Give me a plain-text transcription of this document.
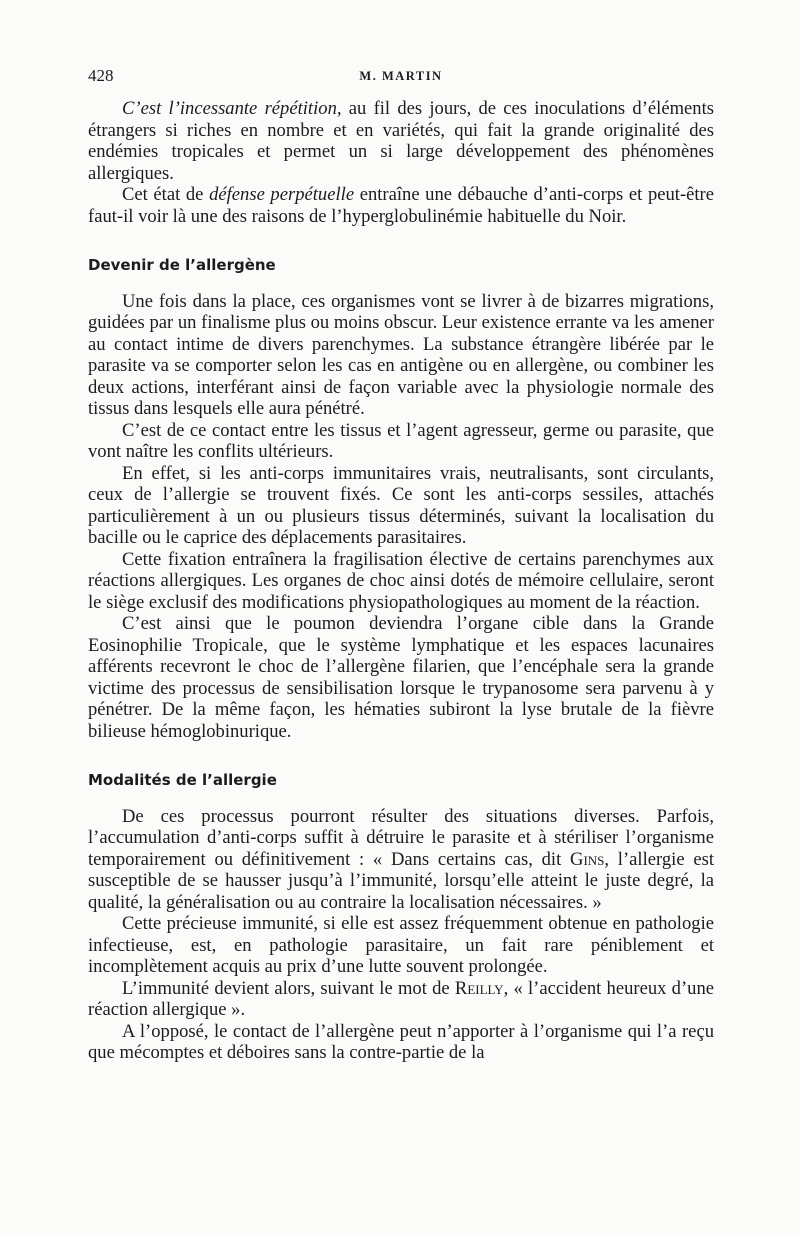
428	M. MARTIN

C’est l’incessante répétition, au fil des jours, de ces inoculations d’éléments étrangers si riches en nombre et en variétés, qui fait la grande originalité des endémies tropicales et permet un si large développement des phénomènes allergiques.

Cet état de défense perpétuelle entraîne une débauche d’anti-corps et peut-être faut-il voir là une des raisons de l’hyperglobulinémie habituelle du Noir.

Devenir de l’allergène

Une fois dans la place, ces organismes vont se livrer à de bizarres migrations, guidées par un finalisme plus ou moins obscur. Leur existence errante va les amener au contact intime de divers parenchymes. La substance étrangère libérée par le parasite va se comporter selon les cas en antigène ou en allergène, ou combiner les deux actions, interférant ainsi de façon variable avec la physiologie normale des tissus dans lesquels elle aura pénétré.

C’est de ce contact entre les tissus et l’agent agresseur, germe ou parasite, que vont naître les conflits ultérieurs.

En effet, si les anti-corps immunitaires vrais, neutralisants, sont circulants, ceux de l’allergie se trouvent fixés. Ce sont les anti-corps sessiles, attachés particulièrement à un ou plusieurs tissus déterminés, suivant la localisation du bacille ou le caprice des déplacements parasitaires.

Cette fixation entraînera la fragilisation élective de certains parenchymes aux réactions allergiques. Les organes de choc ainsi dotés de mémoire cellulaire, seront le siège exclusif des modifications physiopathologiques au moment de la réaction.

C’est ainsi que le poumon deviendra l’organe cible dans la Grande Eosinophilie Tropicale, que le système lymphatique et les espaces lacunaires afférents recevront le choc de l’allergène filarien, que l’encéphale sera la grande victime des processus de sensibilisation lorsque le trypanosome sera parvenu à y pénétrer. De la même façon, les hématies subiront la lyse brutale de la fièvre bilieuse hémoglobinurique.

Modalités de l’allergie

De ces processus pourront résulter des situations diverses. Parfois, l’accumulation d’anti-corps suffit à détruire le parasite et à stériliser l’organisme temporairement ou définitivement : « Dans certains cas, dit Gins, l’allergie est susceptible de se hausser jusqu’à l’immunité, lorsqu’elle atteint le juste degré, la qualité, la généralisation ou au contraire la localisation nécessaires. »

Cette précieuse immunité, si elle est assez fréquemment obtenue en pathologie infectieuse, est, en pathologie parasitaire, un fait rare péniblement et incomplètement acquis au prix d’une lutte souvent prolongée.

L’immunité devient alors, suivant le mot de Reilly, « l’accident heureux d’une réaction allergique ».

A l’opposé, le contact de l’allergène peut n’apporter à l’organisme qui l’a reçu que mécomptes et déboires sans la contre-partie de la
